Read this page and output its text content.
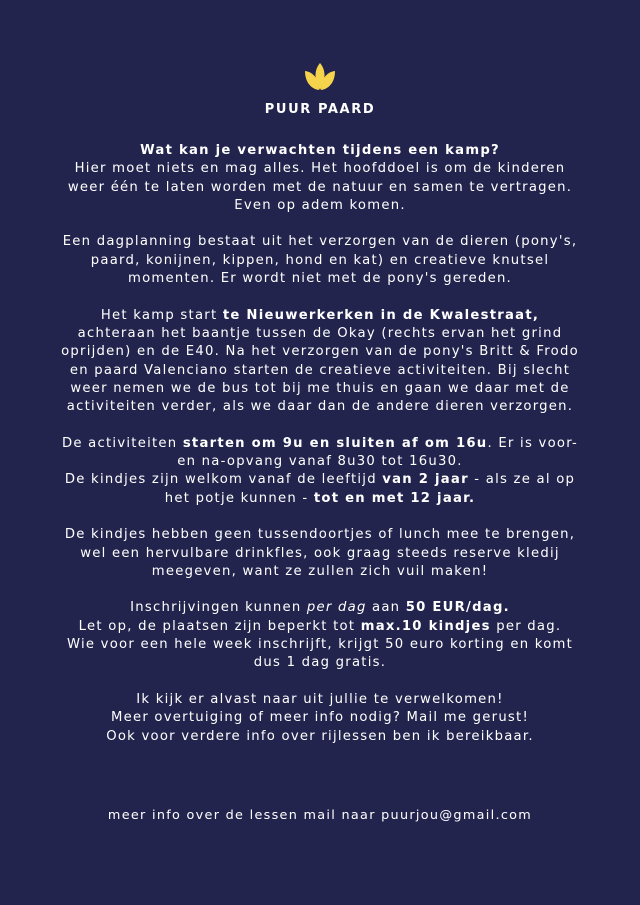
PUUR PAARD

Wat kan je verwachten tijdens een kamp?
Hier moet niets en mag alles. Het hoofddoel is om de kinderen weer één te laten worden met de natuur en samen te vertragen. Even op adem komen.

Een dagplanning bestaat uit het verzorgen van de dieren (pony's, paard, konijnen, kippen, hond en kat) en creatieve knutsel momenten. Er wordt niet met de pony's gereden.

Het kamp start te Nieuwerkerken in de Kwalestraat, achteraan het baantje tussen de Okay (rechts ervan het grind oprijden) en de E40. Na het verzorgen van de pony's Britt & Frodo en paard Valenciano starten de creatieve activiteiten. Bij slecht weer nemen we de bus tot bij me thuis en gaan we daar met de activiteiten verder, als we daar dan de andere dieren verzorgen.

De activiteiten starten om 9u en sluiten af om 16u. Er is voor- en na-opvang vanaf 8u30 tot 16u30.
De kindjes zijn welkom vanaf de leeftijd van 2 jaar - als ze al op het potje kunnen - tot en met 12 jaar.

De kindjes hebben geen tussendoortjes of lunch mee te brengen, wel een hervulbare drinkfles, ook graag steeds reserve kledij meegeven, want ze zullen zich vuil maken!

Inschrijvingen kunnen per dag aan 50 EUR/dag.
Let op, de plaatsen zijn beperkt tot max.10 kindjes per dag.
Wie voor een hele week inschrijft, krijgt 50 euro korting en komt dus 1 dag gratis.

Ik kijk er alvast naar uit jullie te verwelkomen!
Meer overtuiging of meer info nodig? Mail me gerust!
Ook voor verdere info over rijlessen ben ik bereikbaar.

meer info over de lessen mail naar puurjou@gmail.com
